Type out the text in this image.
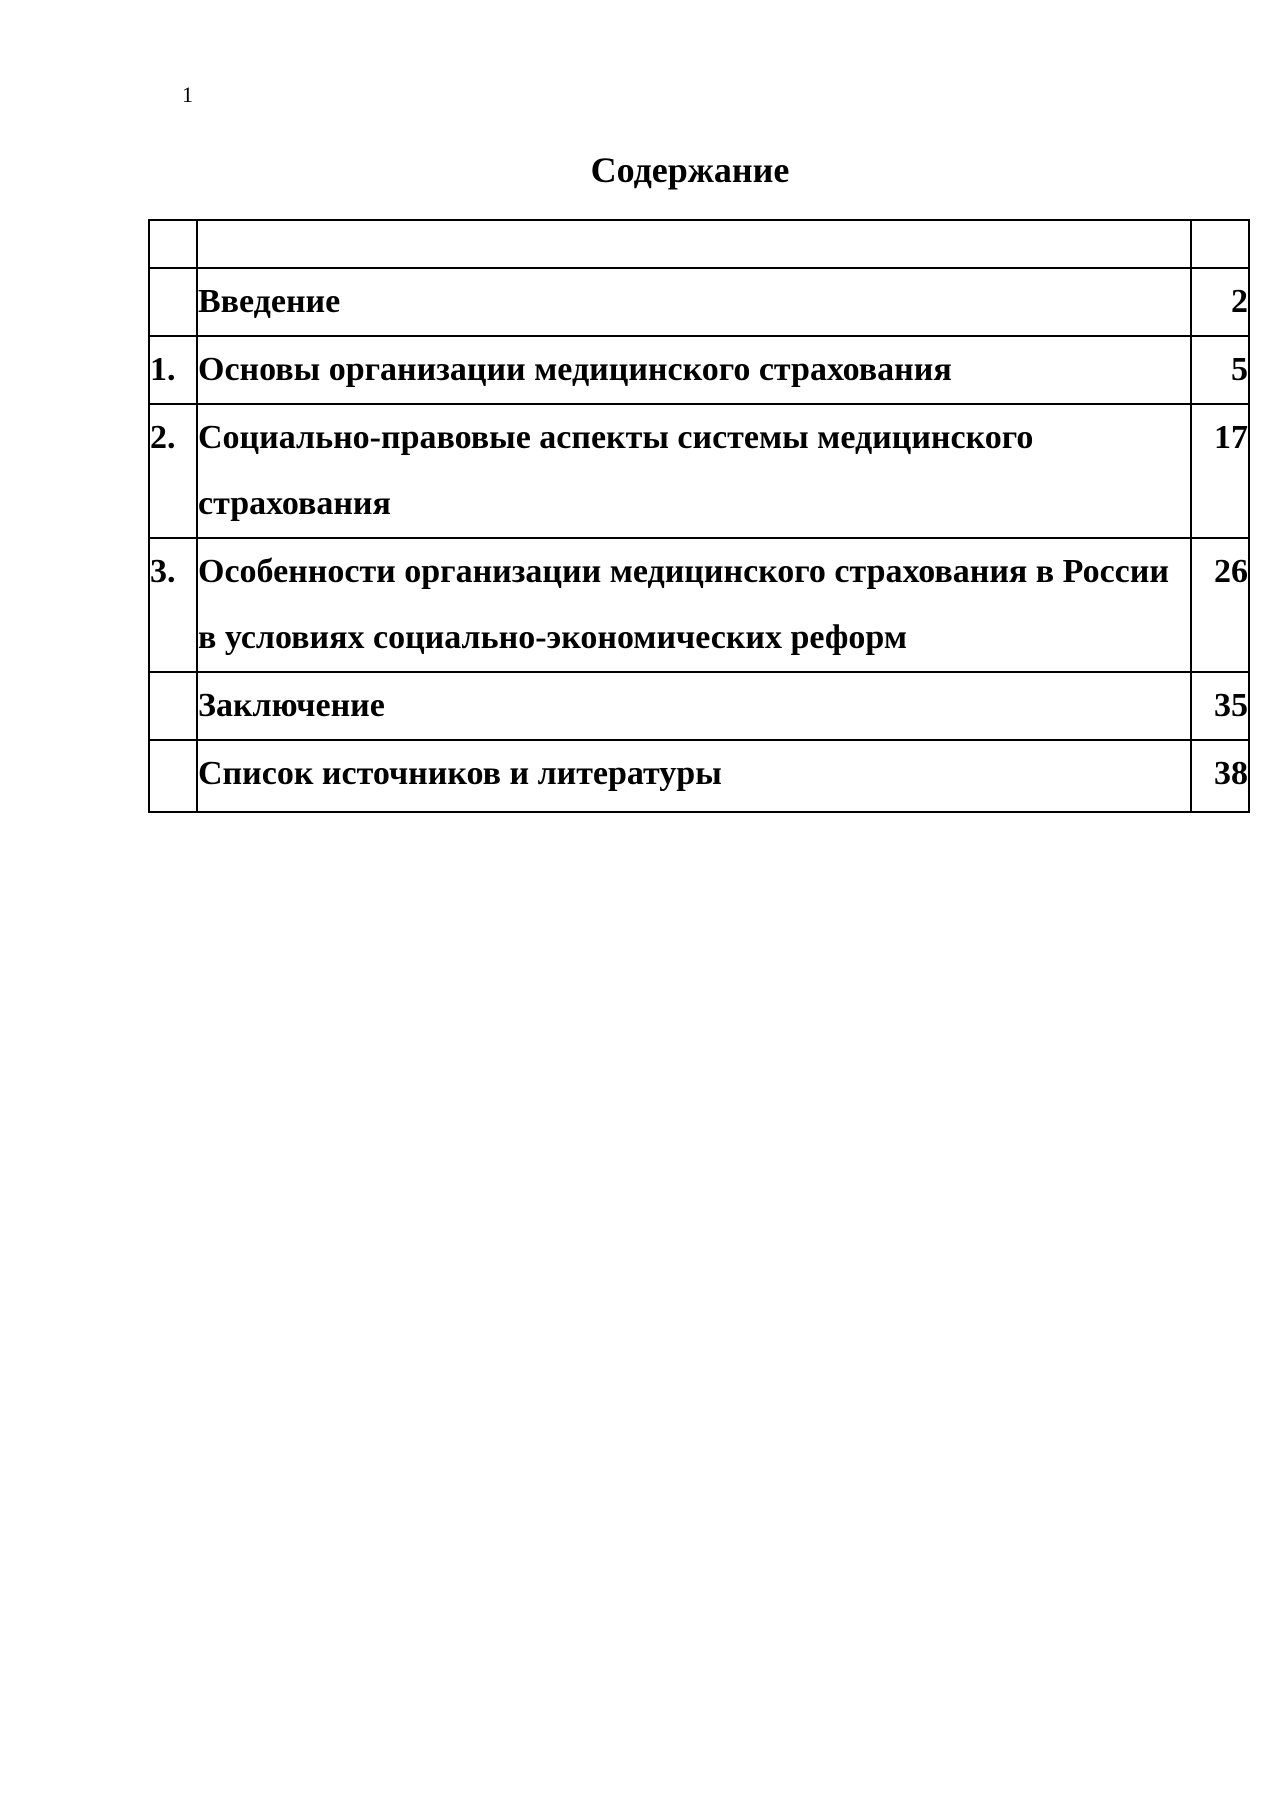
1
Содержание

	Введение	2
1.	Основы организации медицинского страхования	5
2.	Социально-правовые аспекты системы медицинского страхования	17
3.	Особенности организации медицинского страхования в России в условиях социально-экономических реформ	26
	Заключение	35
	Список источников и литературы	38
